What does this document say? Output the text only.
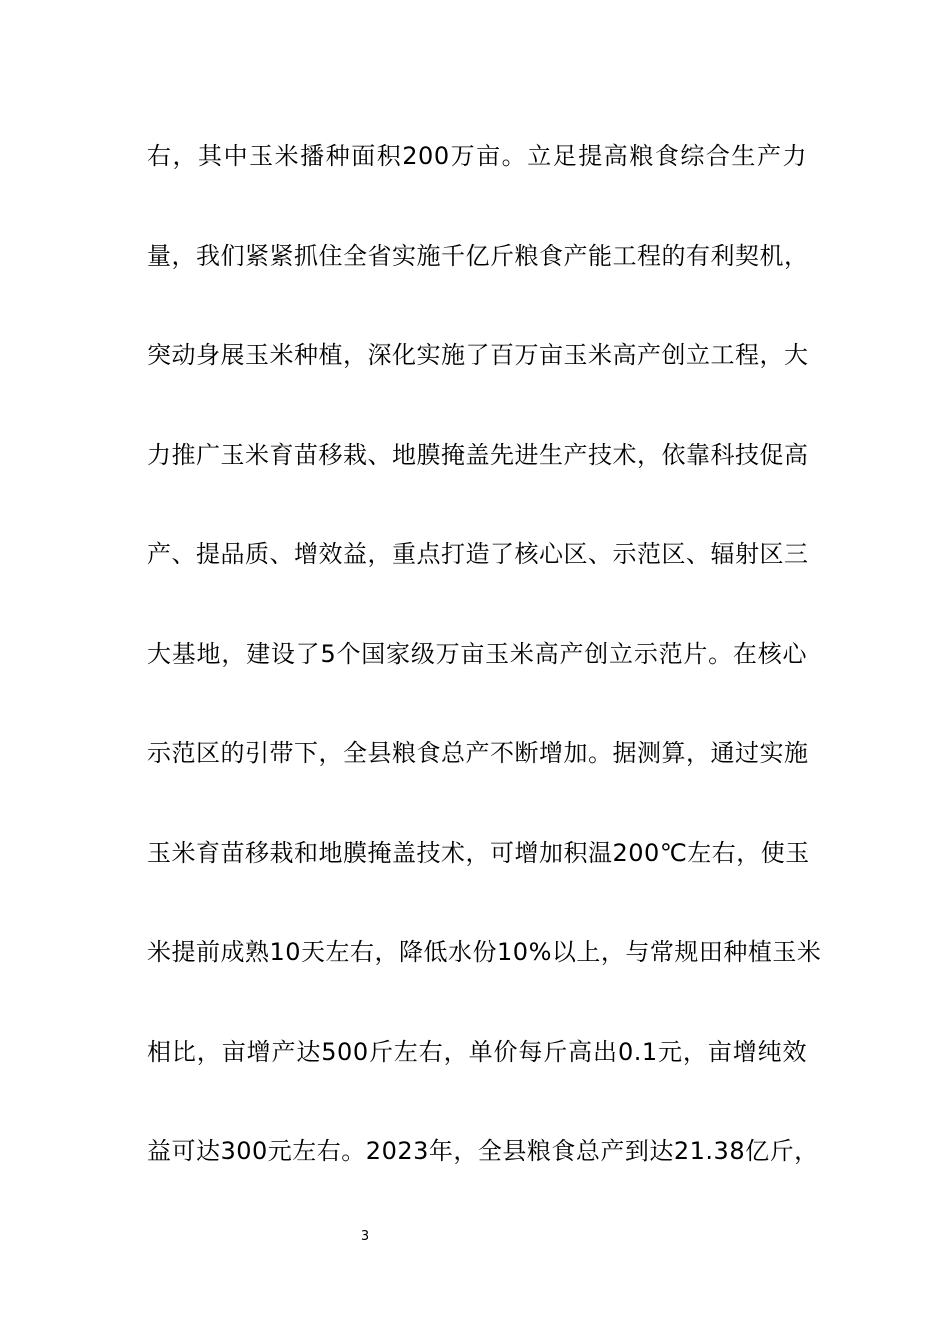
右，其中玉米播种面积200万亩。立足提高粮食综合生产力
量，我们紧紧抓住全省实施千亿斤粮食产能工程的有利契机，
突动身展玉米种植，深化实施了百万亩玉米高产创立工程，大
力推广玉米育苗移栽、地膜掩盖先进生产技术，依靠科技促高
产、提品质、增效益，重点打造了核心区、示范区、辐射区三
大基地，建设了5个国家级万亩玉米高产创立示范片。在核心
示范区的引带下，全县粮食总产不断增加。据测算，通过实施
玉米育苗移栽和地膜掩盖技术，可增加积温200℃左右，使玉
米提前成熟10天左右，降低水份10%以上，与常规田种植玉米
相比，亩增产达500斤左右，单价每斤高出0.1元，亩增纯效
益可达300元左右。2023年，全县粮食总产到达21.38亿斤，
3
